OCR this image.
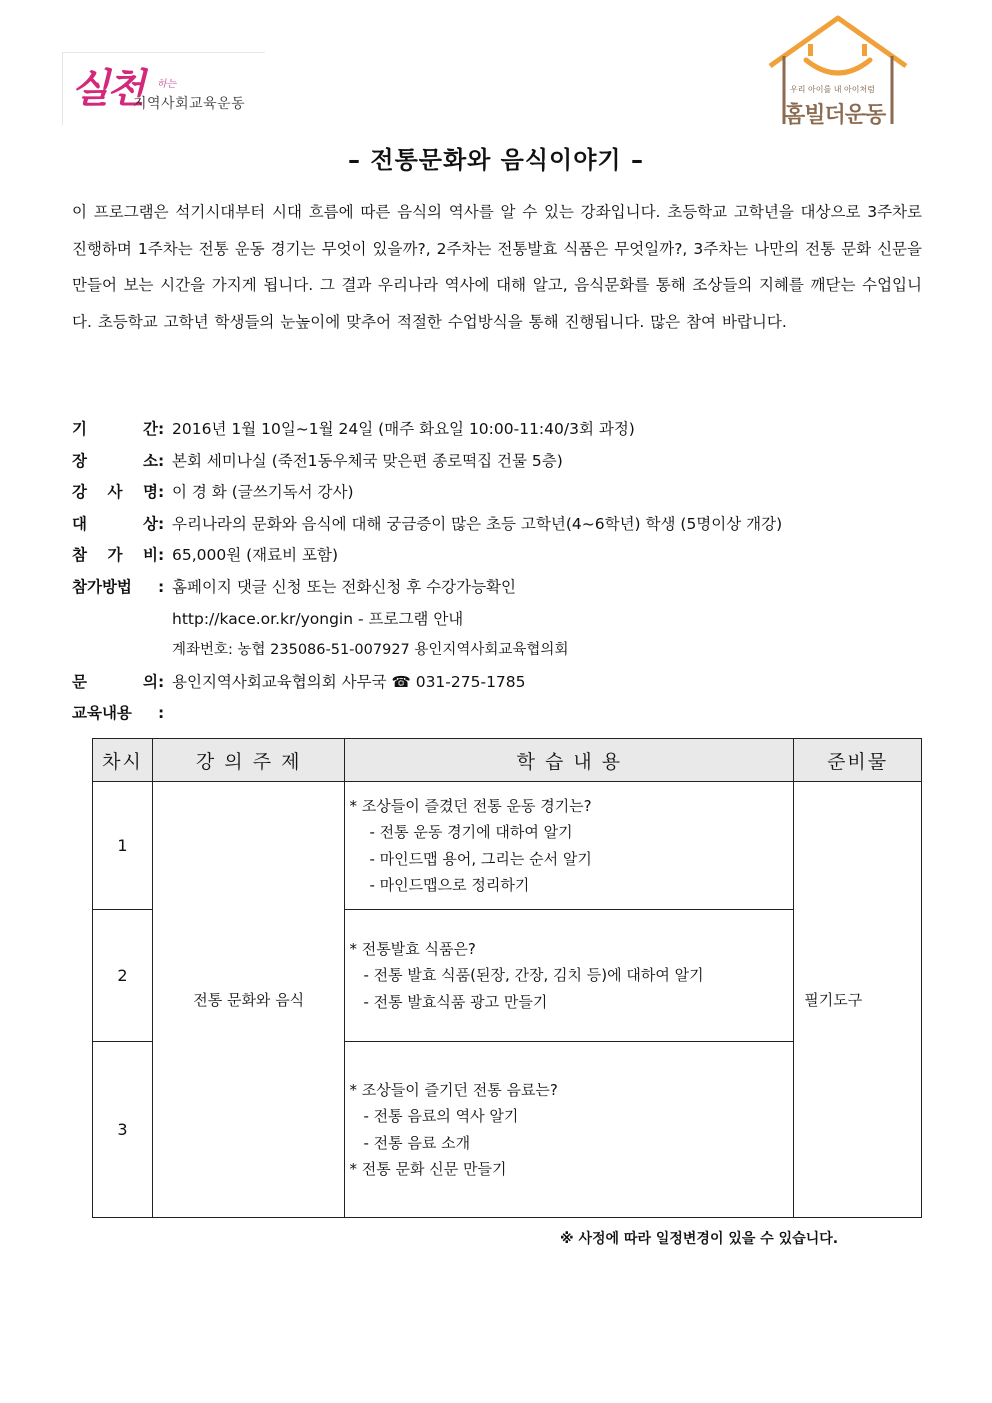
실천 하는
지역사회교육운동
우리 아이를 내 아이처럼
홈빌더운동
– 전통문화와 음식이야기 –

이 프로그램은 석기시대부터 시대 흐름에 따른 음식의 역사를 알 수 있는 강좌입니다. 초등학교 고학년을 대상으로 3주차로 진행하며 1주차는 전통 운동 경기는 무엇이 있을까?, 2주차는 전통발효 식품은 무엇일까?, 3주차는 나만의 전통 문화 신문을 만들어 보는 시간을 가지게 됩니다. 그 결과 우리나라 역사에 대해 알고, 음식문화를 통해 조상들의 지혜를 깨닫는 수업입니다. 초등학교 고학년 학생들의 눈높이에 맞추어 적절한 수업방식을 통해 진행됩니다. 많은 참여 바랍니다.

기	간 : 2016년 1월 10일~1월 24일 (매주 화요일 10:00-11:40/3회 과정)
장	소 : 본회 세미나실 (죽전1동우체국 맞은편 종로떡집 건물 5층)
강 사 명 : 이 경 화 (글쓰기독서 강사)
대	상 : 우리나라의 문화와 음식에 대해 궁금증이 많은 초등 고학년(4~6학년) 학생 (5명이상 개강)
참 가 비 : 65,000원 (재료비 포함)
참가방법 : 홈페이지 댓글 신청 또는 전화신청 후 수강가능확인
http://kace.or.kr/yongin - 프로그램 안내
계좌번호: 농협 235086-51-007927 용인지역사회교육협의회
문	의 : 용인지역사회교육협의회 사무국 ☎ 031-275-1785
교육내용 :
차시	강 의 주 제	학 습 내 용	준비물
1	전통 문화와 음식	* 조상들이 즐겼던 전통 운동 경기는?
- 전통 운동 경기에 대하여 알기
- 마인드맵 용어, 그리는 순서 알기
- 마인드맵으로 정리하기	필기도구
2		* 전통발효 식품은?
- 전통 발효 식품(된장, 간장, 김치 등)에 대하여 알기
- 전통 발효식품 광고 만들기	

3		* 조상들이 즐기던 전통 음료는?
- 전통 음료의 역사 알기
- 전통 음료 소개
* 전통 문화 신문 만들기	
※ 사정에 따라 일정변경이 있을 수 있습니다.
